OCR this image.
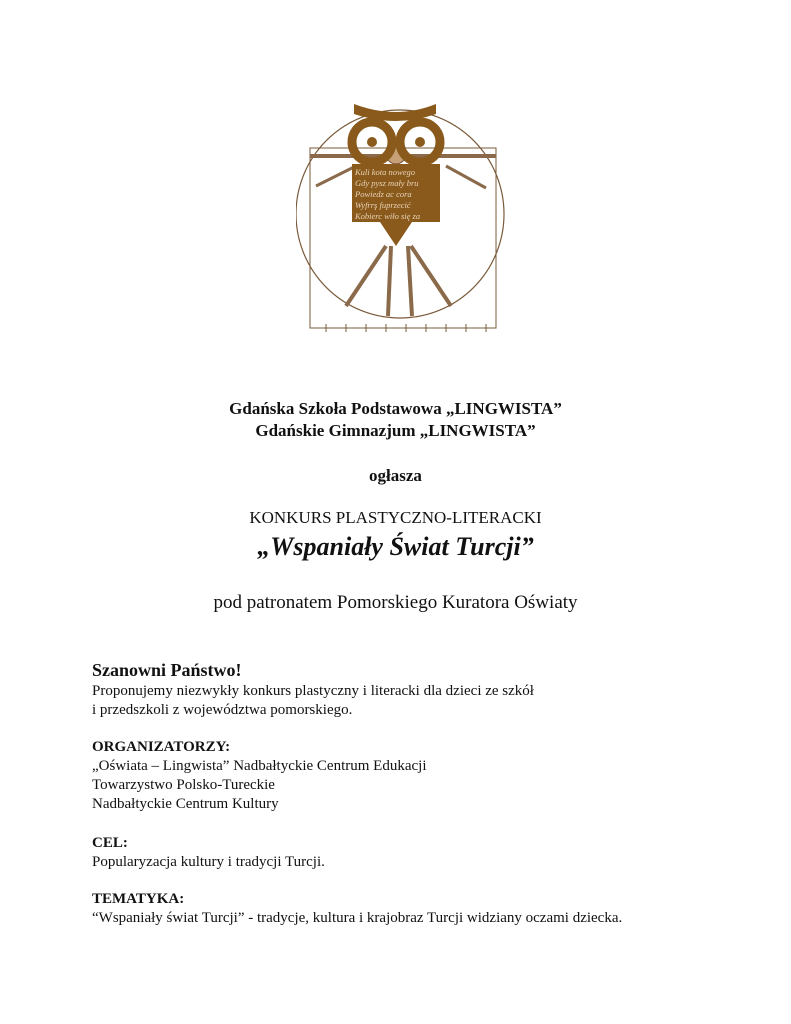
Kuli kota nowego
Gdy pysz mały bru
Powiedz ac cora
Wyfrrş fuprzecić
Kobierc wiło się za
Gdańska Szkoła Podstawowa „LINGWISTA”
Gdańskie Gimnazjum „LINGWISTA”
ogłasza
KONKURS PLASTYCZNO-LITERACKI
„Wspaniały Świat Turcji”
pod patronatem Pomorskiego Kuratora Oświaty
Szanowni Państwo!
Proponujemy niezwykły konkurs plastyczny i literacki dla dzieci ze szkół
i przedszkoli z województwa pomorskiego.
ORGANIZATORZY:
„Oświata – Lingwista” Nadbałtyckie Centrum Edukacji
Towarzystwo Polsko-Tureckie
Nadbałtyckie Centrum Kultury
CEL:
Popularyzacja kultury i tradycji Turcji.
TEMATYKA:
“Wspaniały świat Turcji” - tradycje, kultura i krajobraz Turcji widziany oczami dziecka.
